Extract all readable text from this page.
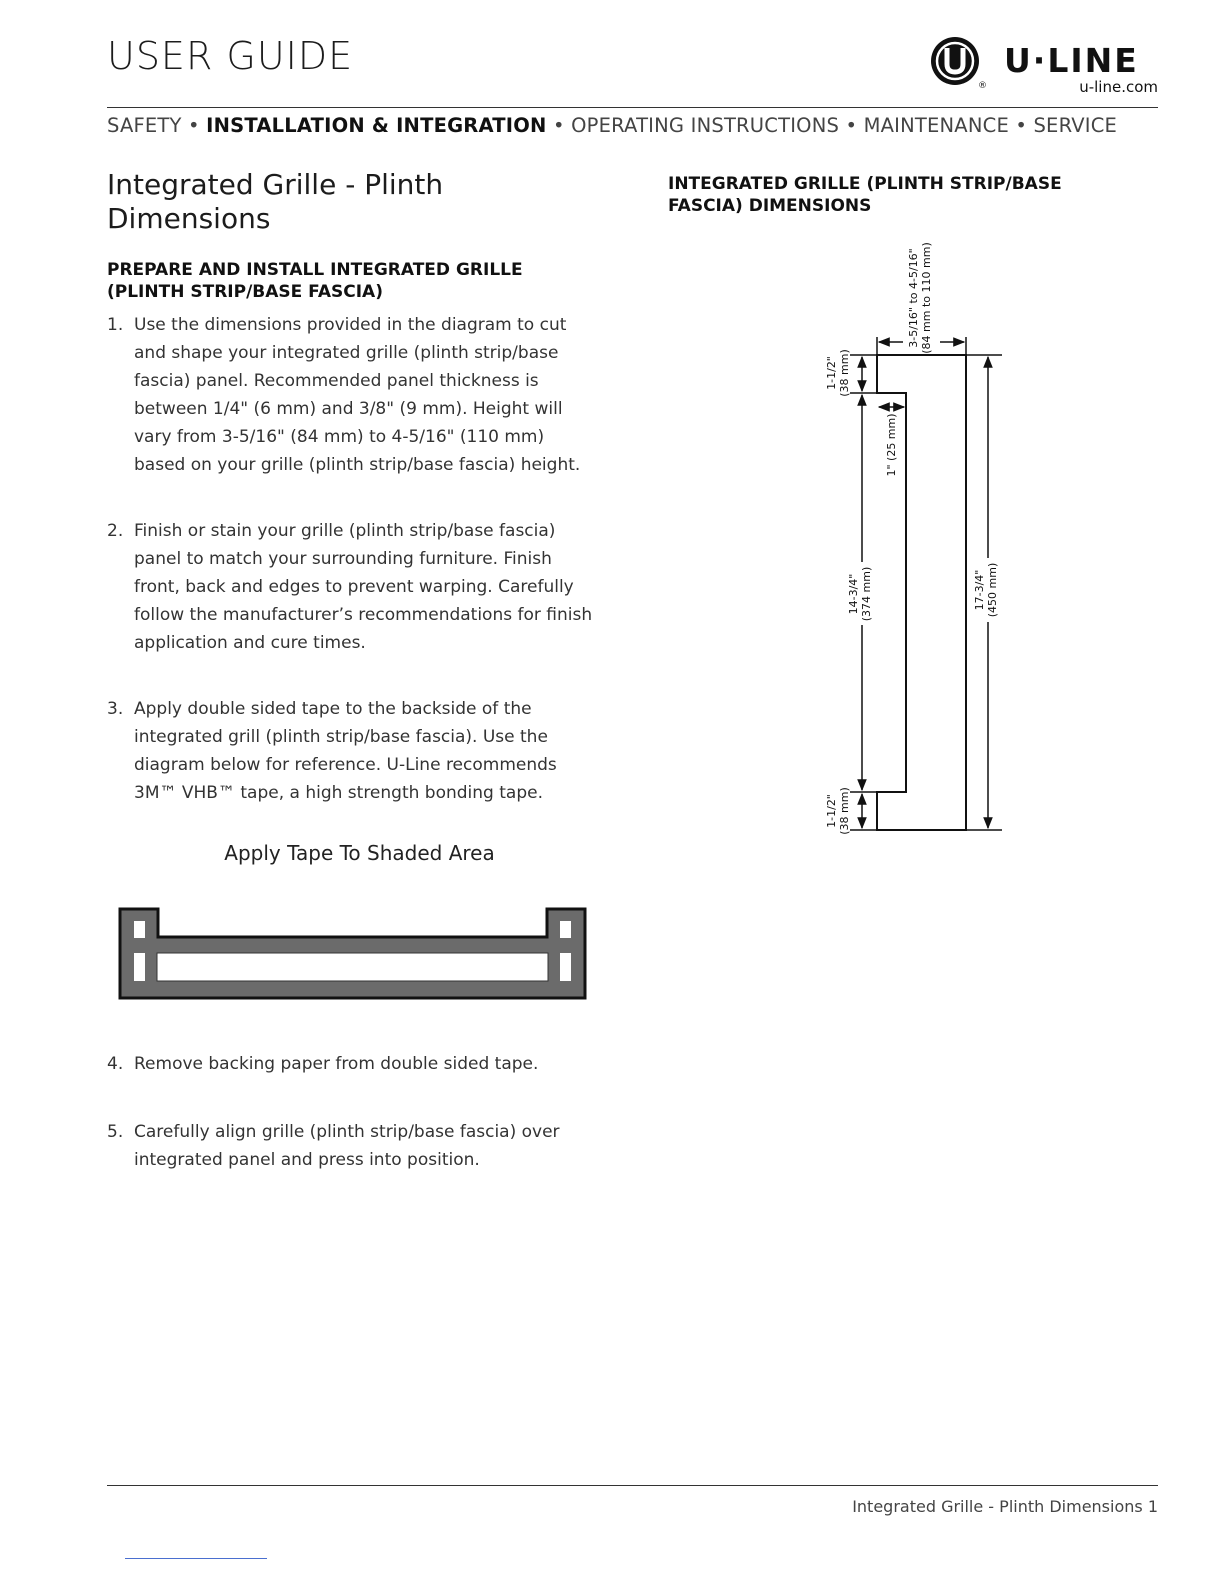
USER GUIDE
®
U·LINE
u-line.com
SAFETY • INSTALLATION & INTEGRATION • OPERATING INSTRUCTIONS • MAINTENANCE • SERVICE
Integrated Grille - Plinth Dimensions
PREPARE AND INSTALL INTEGRATED GRILLE (PLINTH STRIP/BASE FASCIA)
1. Use the dimensions provided in the diagram to cut and shape your integrated grille (plinth strip/base fascia) panel. Recommended panel thickness is between 1/4" (6 mm) and 3/8" (9 mm). Height will vary from 3-5/16" (84 mm) to 4-5/16" (110 mm) based on your grille (plinth strip/base fascia) height.
2. Finish or stain your grille (plinth strip/base fascia) panel to match your surrounding furniture. Finish front, back and edges to prevent warping. Carefully follow the manufacturer’s recommendations for finish application and cure times.
3. Apply double sided tape to the backside of the integrated grill (plinth strip/base fascia). Use the diagram below for reference. U-Line recommends 3M™ VHB™ tape, a high strength bonding tape.
Apply Tape To Shaded Area
4. Remove backing paper from double sided tape.
5. Carefully align grille (plinth strip/base fascia) over integrated panel and press into position.
INTEGRATED GRILLE (PLINTH STRIP/BASE FASCIA) DIMENSIONS
3-5/16" to 4-5/16" (84 mm to 110 mm)
1-1/2" (38 mm)
1" (25 mm)
14-3/4" (374 mm)	17-3/4" (450 mm)
1-1/2" (38 mm)
Integrated Grille - Plinth Dimensions 1
